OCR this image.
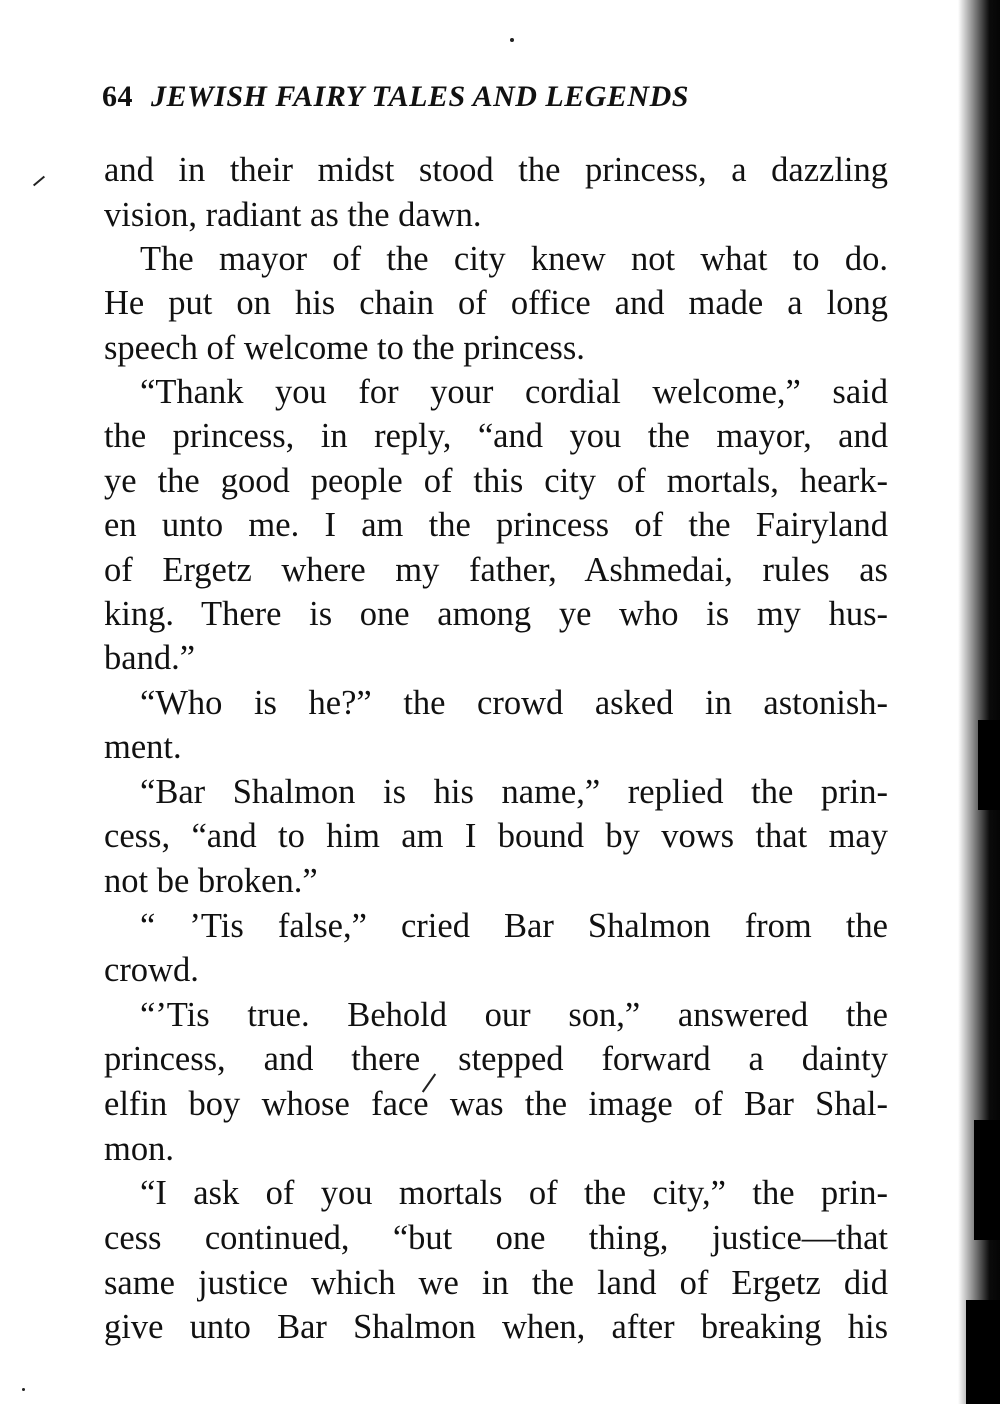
64 JEWISH FAIRY TALES AND LEGENDS
and in their midst stood the princess, a dazzling
vision, radiant as the dawn.
The mayor of the city knew not what to do.
He put on his chain of office and made a long
speech of welcome to the princess.
“Thank you for your cordial welcome,” said
the princess, in reply, “and you the mayor, and
ye the good people of this city of mortals, heark-
en unto me. I am the princess of the Fairyland
of Ergetz where my father, Ashmedai, rules as
king. There is one among ye who is my hus-
band.”
“Who is he?” the crowd asked in astonish-
ment.
“Bar Shalmon is his name,” replied the prin-
cess, “and to him am I bound by vows that may
not be broken.”
“ ’Tis false,” cried Bar Shalmon from the
crowd.
“’Tis true. Behold our son,” answered the
princess, and there stepped forward a dainty
elfin boy whose face was the image of Bar Shal-
mon.
“I ask of you mortals of the city,” the prin-
cess continued, “but one thing, justice—that
same justice which we in the land of Ergetz did
give unto Bar Shalmon when, after breaking his
